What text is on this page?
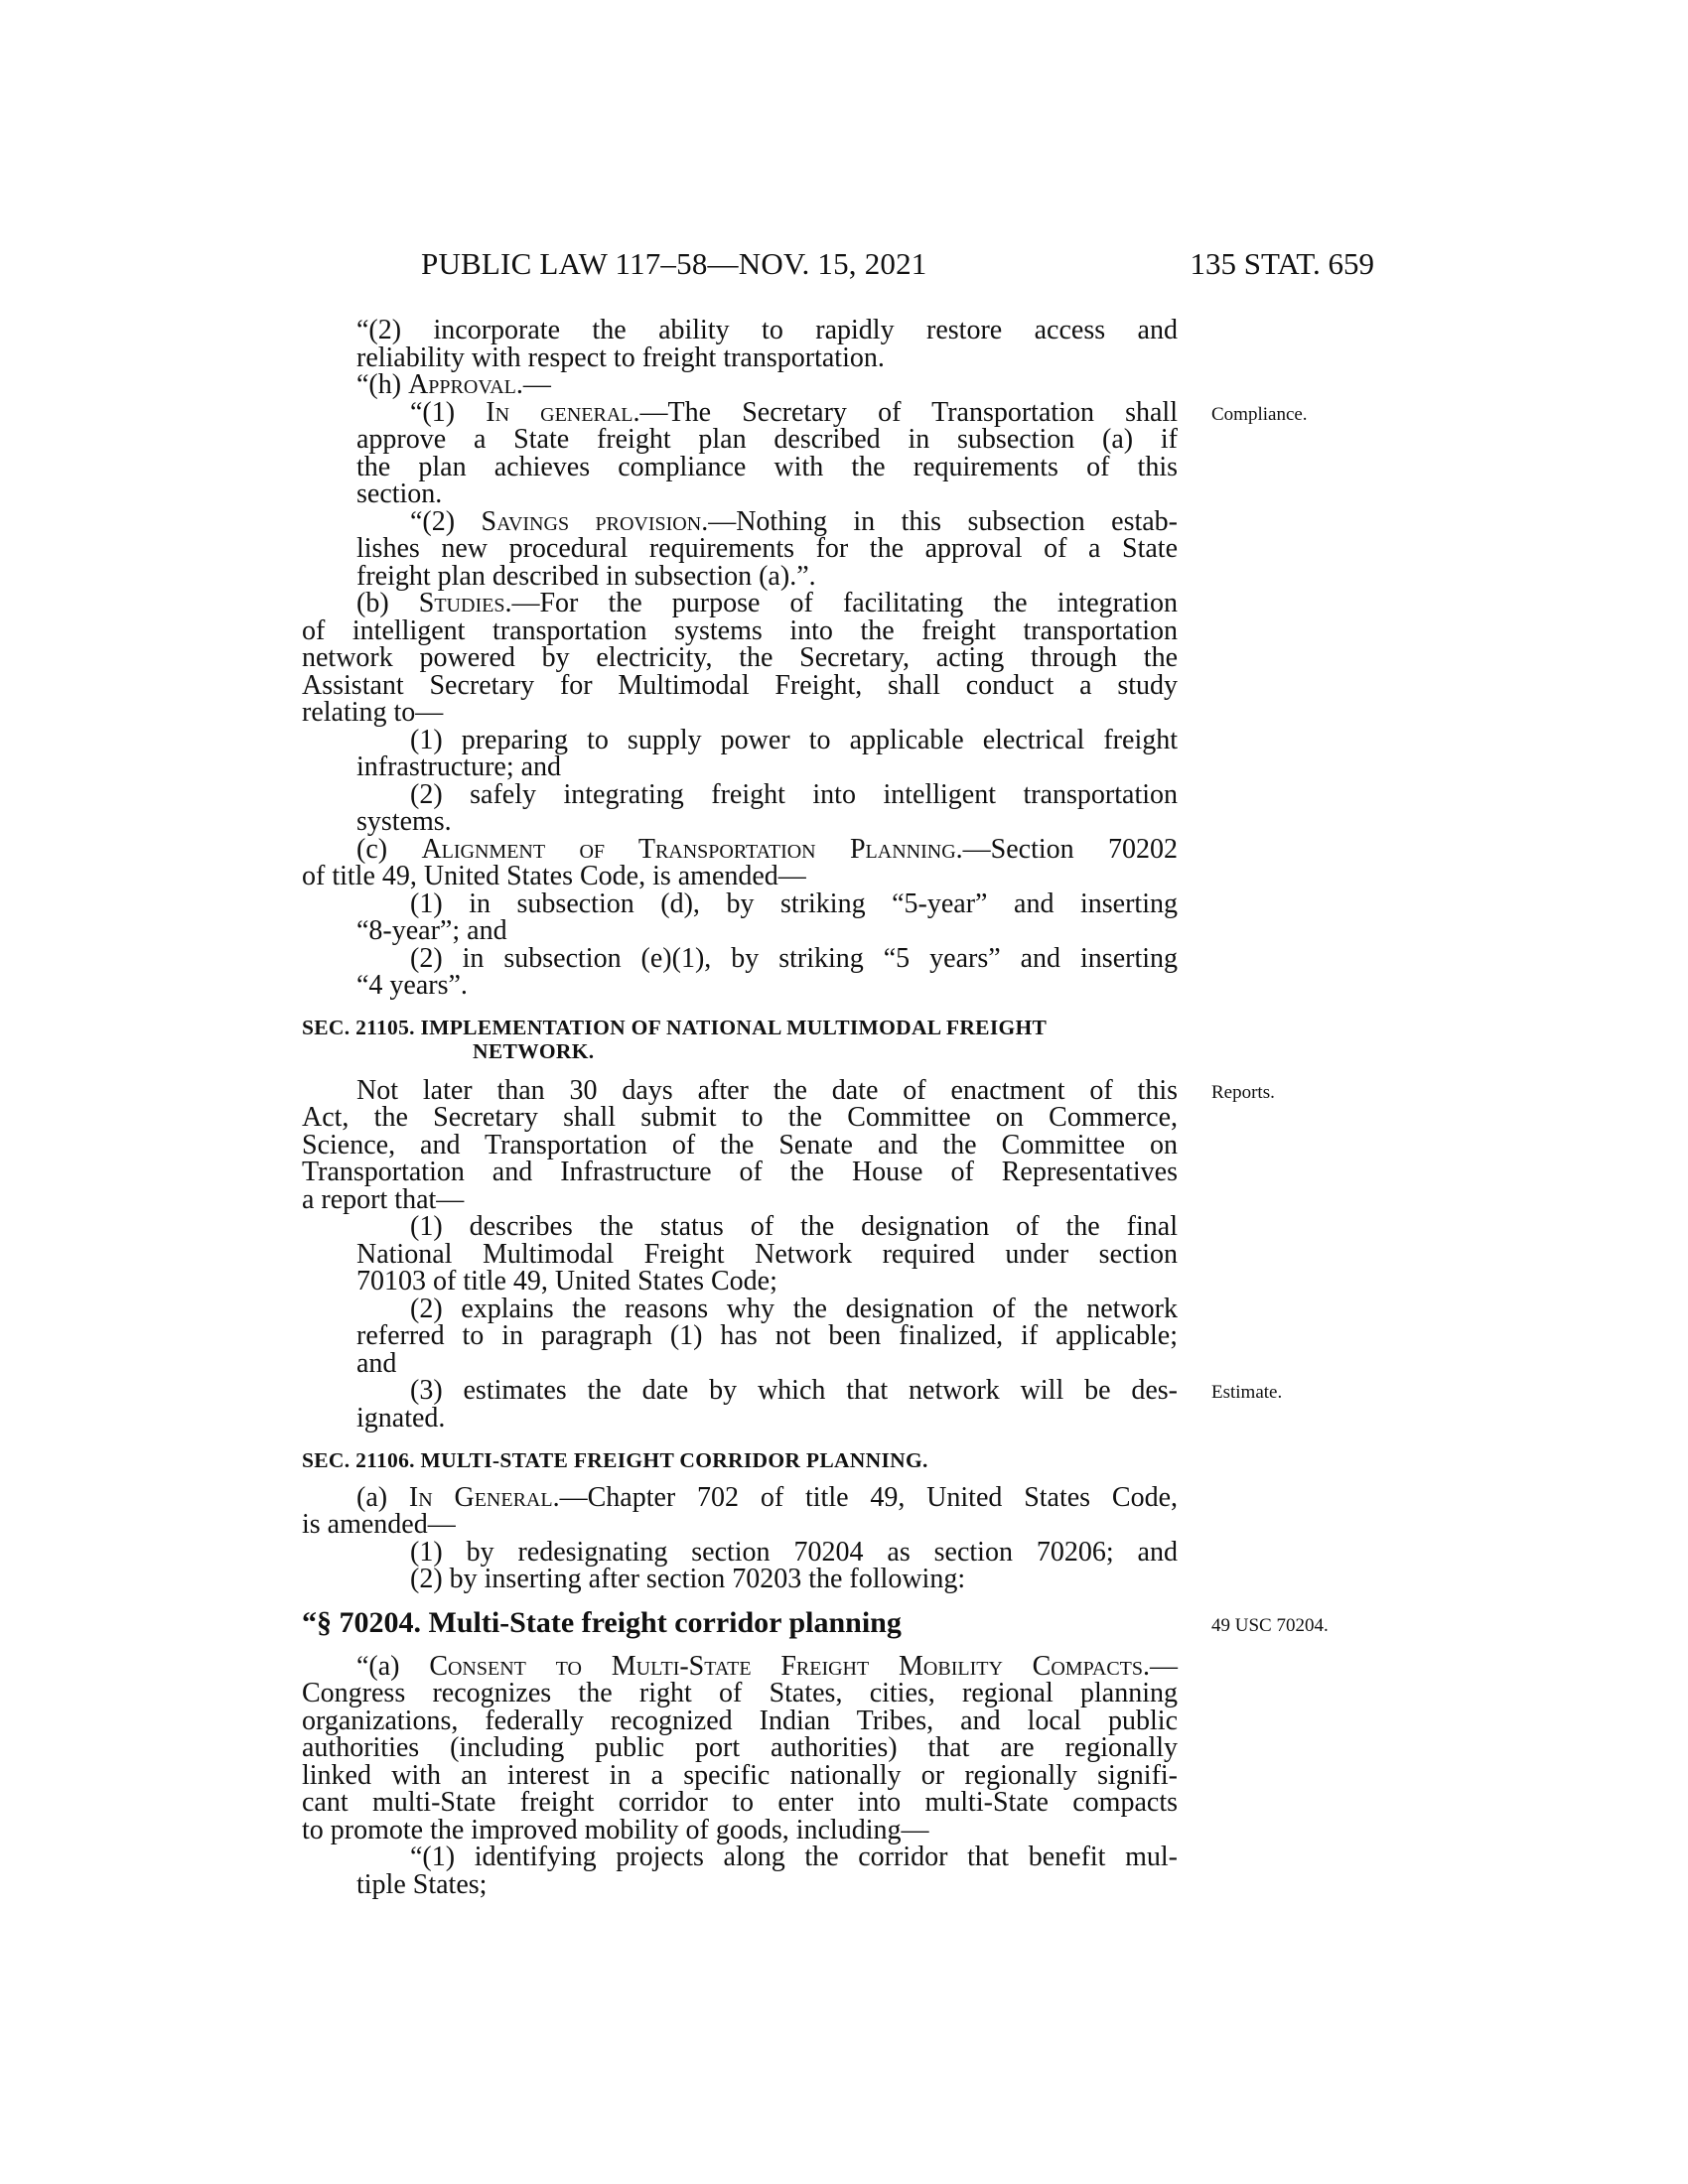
PUBLIC LAW 117–58—NOV. 15, 2021	135 STAT. 659
“(2) incorporate the ability to rapidly restore access and
reliability with respect to freight transportation.
“(h) Approval.—
“(1) In general.—The Secretary of Transportation shall
approve a State freight plan described in subsection (a) if
the plan achieves compliance with the requirements of this
section.
“(2) Savings provision.—Nothing in this subsection estab-
lishes new procedural requirements for the approval of a State
freight plan described in subsection (a).”.
(b) Studies.—For the purpose of facilitating the integration
of intelligent transportation systems into the freight transportation
network powered by electricity, the Secretary, acting through the
Assistant Secretary for Multimodal Freight, shall conduct a study
relating to—
(1) preparing to supply power to applicable electrical freight
infrastructure; and
(2) safely integrating freight into intelligent transportation
systems.
(c) Alignment of Transportation Planning.—Section 70202
of title 49, United States Code, is amended—
(1) in subsection (d), by striking “5-year” and inserting
“8-year”; and
(2) in subsection (e)(1), by striking “5 years” and inserting
“4 years”.
SEC. 21105. IMPLEMENTATION OF NATIONAL MULTIMODAL FREIGHT
NETWORK.
Not later than 30 days after the date of enactment of this
Act, the Secretary shall submit to the Committee on Commerce,
Science, and Transportation of the Senate and the Committee on
Transportation and Infrastructure of the House of Representatives
a report that—
(1) describes the status of the designation of the final
National Multimodal Freight Network required under section
70103 of title 49, United States Code;
(2) explains the reasons why the designation of the network
referred to in paragraph (1) has not been finalized, if applicable;
and
(3) estimates the date by which that network will be des-
ignated.
SEC. 21106. MULTI-STATE FREIGHT CORRIDOR PLANNING.
(a) In General.—Chapter 702 of title 49, United States Code,
is amended—
(1) by redesignating section 70204 as section 70206; and
(2) by inserting after section 70203 the following:
“§ 70204. Multi-State freight corridor planning
“(a) Consent to Multi-State Freight Mobility Compacts.—
Congress recognizes the right of States, cities, regional planning
organizations, federally recognized Indian Tribes, and local public
authorities (including public port authorities) that are regionally
linked with an interest in a specific nationally or regionally signifi-
cant multi-State freight corridor to enter into multi-State compacts
to promote the improved mobility of goods, including—
“(1) identifying projects along the corridor that benefit mul-
tiple States;
Compliance.
Reports.
Estimate.
49 USC 70204.
